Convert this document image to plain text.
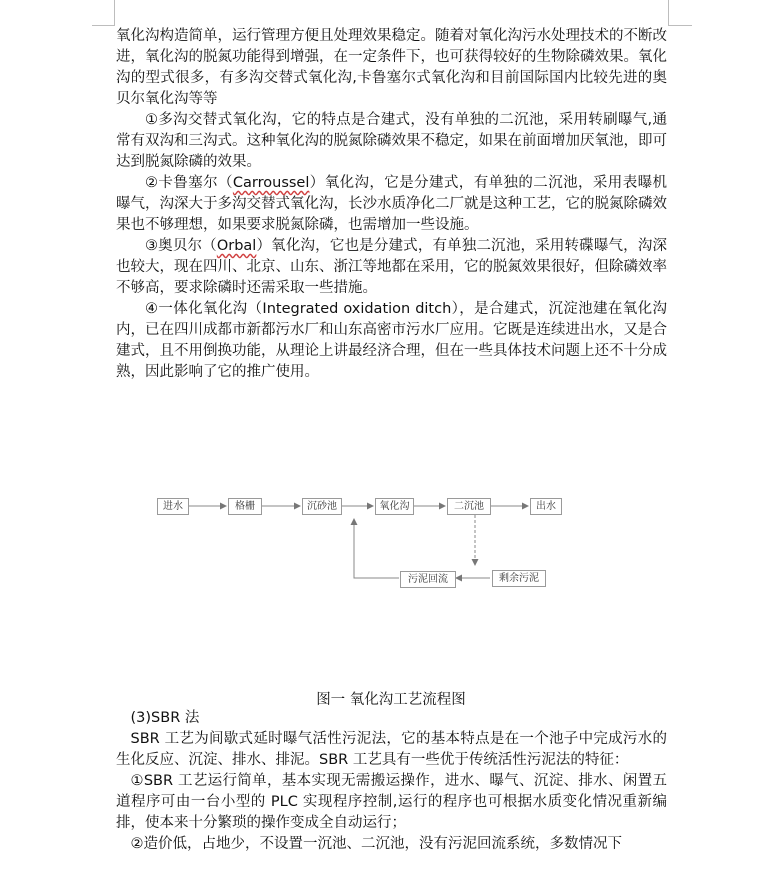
氧化沟构造简单，运行管理方便且处理效果稳定。随着对氧化沟污水处理技术的不断改进，氧化沟的脱氮功能得到增强，在一定条件下，也可获得较好的生物除磷效果。氧化沟的型式很多，有多沟交替式氧化沟,卡鲁塞尔式氧化沟和目前国际国内比较先进的奥贝尔氧化沟等等

①多沟交替式氧化沟，它的特点是合建式，没有单独的二沉池，采用转刷曝气,通常有双沟和三沟式。这种氧化沟的脱氮除磷效果不稳定，如果在前面增加厌氧池，即可达到脱氮除磷的效果。

②卡鲁塞尔（Carroussel）氧化沟，它是分建式，有单独的二沉池，采用表曝机曝气，沟深大于多沟交替式氧化沟，长沙水质净化二厂就是这种工艺，它的脱氮除磷效果也不够理想，如果要求脱氮除磷，也需增加一些设施。

③奥贝尔（Orbal）氧化沟，它也是分建式，有单独二沉池，采用转碟曝气，沟深也较大，现在四川、北京、山东、浙江等地都在采用，它的脱氮效果很好，但除磷效率不够高，要求除磷时还需采取一些措施。

④一体化氧化沟（Integrated oxidation ditch），是合建式，沉淀池建在氧化沟内，已在四川成都市新都污水厂和山东高密市污水厂应用。它既是连续进出水，又是合建式，且不用倒换功能，从理论上讲最经济合理，但在一些具体技术问题上还不十分成熟，因此影响了它的推广使用。

进水	格栅	沉砂池	氧化沟	二沉池	出水
污泥回流	剩余污泥
图一 氧化沟工艺流程图

(3)SBR 法

SBR 工艺为间歇式延时曝气活性污泥法，它的基本特点是在一个池子中完成污水的生化反应、沉淀、排水、排泥。SBR 工艺具有一些优于传统活性污泥法的特征：

①SBR 工艺运行简单，基本实现无需搬运操作，进水、曝气、沉淀、排水、闲置五道程序可由一台小型的 PLC 实现程序控制,运行的程序也可根据水质变化情况重新编排，使本来十分繁琐的操作变成全自动运行；

②造价低，占地少，不设置一沉池、二沉池，没有污泥回流系统，多数情况下
